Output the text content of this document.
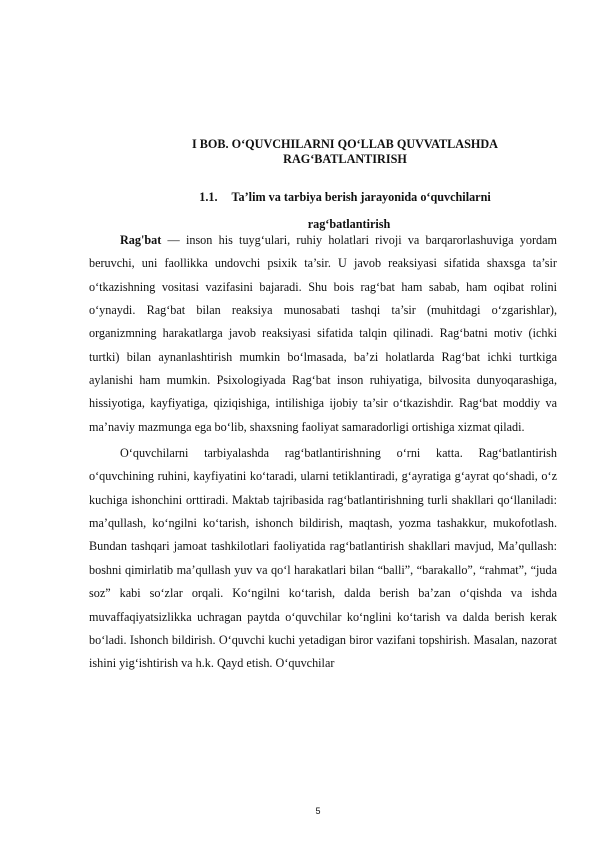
I BOB. O‘QUVCHILARNI QO‘LLAB QUVVATLASHDA
RAG‘BATLANTIRISH
1.1. Ta’lim va tarbiya berish jarayonida o‘quvchilarni
rag‘batlantirish

Rag'bat — inson his tuyg‘ulari, ruhiy holatlari rivoji va barqarorlashuviga yordam beruvchi, uni faollikka undovchi psixik ta’sir. U javob reaksiyasi sifatida shaxsga ta’sir o‘tkazishning vositasi vazifasini bajaradi. Shu bois rag‘bat ham sabab, ham oqibat rolini o‘ynaydi. Rag‘bat bilan reaksiya munosabati tashqi ta’sir (muhitdagi o‘zgarishlar), organizmning harakatlarga javob reaksiyasi sifatida talqin qilinadi. Rag‘batni motiv (ichki turtki) bilan aynanlashtirish mumkin bo‘lmasada, ba’zi holatlarda Rag‘bat ichki turtkiga aylanishi ham mumkin. Psixologiyada Rag‘bat inson ruhiyatiga, bilvosita dunyoqarashiga, hissiyotiga, kayfiyatiga, qiziqishiga, intilishiga ijobiy ta’sir o‘tkazishdir. Rag‘bat moddiy va ma’naviy mazmunga ega bo‘lib, shaxsning faoliyat samaradorligi ortishiga xizmat qiladi.

O‘quvchilarni tarbiyalashda rag‘batlantirishning o‘rni katta. Rag‘batlantirish o‘quvchining ruhini, kayfiyatini ko‘taradi, ularni tetiklantiradi, g‘ayratiga g‘ayrat qo‘shadi, o‘z kuchiga ishonchini orttiradi. Maktab tajribasida rag‘batlantirishning turli shakllari qo‘llaniladi: ma’qullash, ko‘ngilni ko‘tarish, ishonch bildirish, maqtash, yozma tashakkur, mukofotlash. Bundan tashqari jamoat tashkilotlari faoliyatida rag‘batlantirish shakllari mavjud, Ma’qullash: boshni qimirlatib ma’qullash yuv va qo‘l harakatlari bilan “balli”, “barakallo”, “rahmat”, “juda soz” kabi so‘zlar orqali. Ko‘ngilni ko‘tarish, dalda berish ba’zan o‘qishda va ishda muvaffaqiyatsizlikka uchragan paytda o‘quvchilar ko‘nglini ko‘tarish va dalda berish kerak bo‘ladi. Ishonch bildirish. O‘quvchi kuchi yetadigan biror vazifani topshirish. Masalan, nazorat ishini yig‘ishtirish va h.k. Qayd etish. O‘quvchilar

5
